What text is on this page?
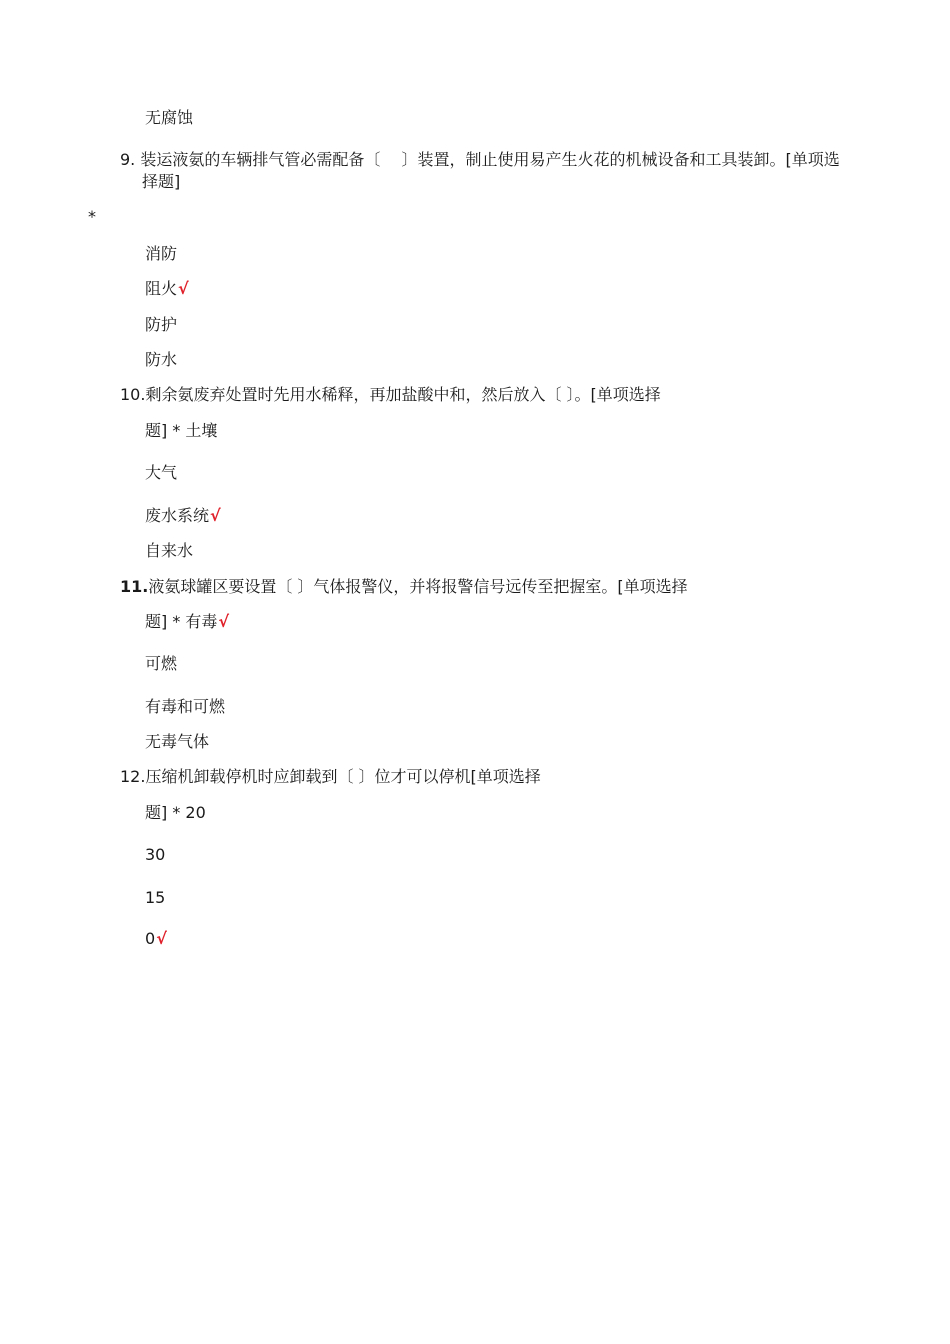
无腐蚀
9. 装运液氨的车辆排气管必需配备〔　 〕装置，制止使用易产生火花的机械设备和工具装卸。[单项选
择题]
*
消防
阻火√
防护
防水
10.剩余氨废弃处置时先用水稀释，再加盐酸中和，然后放入〔 〕。[单项选择
题] * 土壤
大气
废水系统√
自来水
11.液氨球罐区要设置〔 〕气体报警仪，并将报警信号远传至把握室。[单项选择
题] * 有毒√
可燃
有毒和可燃
无毒气体
12.压缩机卸载停机时应卸载到〔 〕位才可以停机[单项选择
题] * 20
30
15
0√
